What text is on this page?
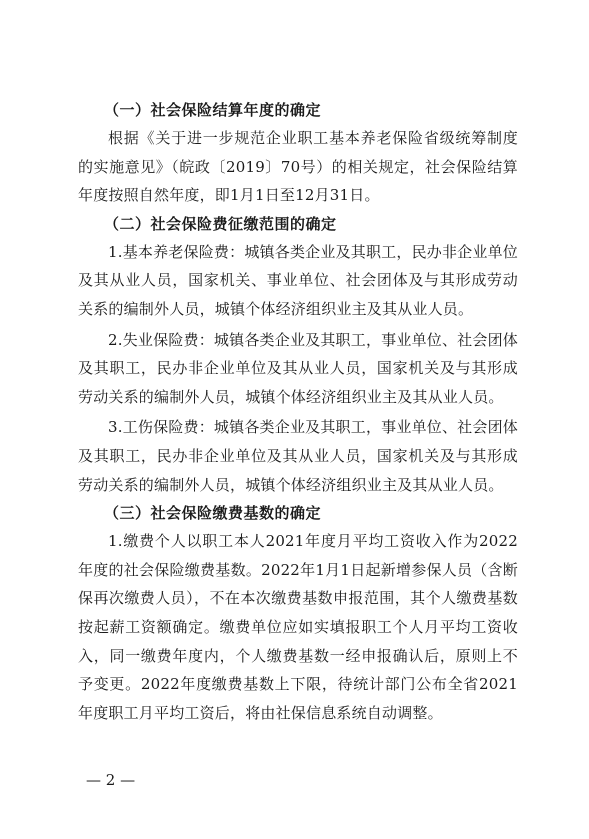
（一）社会保险结算年度的确定

根据《关于进一步规范企业职工基本养老保险省级统筹制度的实施意见》（皖政〔2019〕70号）的相关规定，社会保险结算年度按照自然年度，即1月1日至12月31日。

（二）社会保险费征缴范围的确定

1.基本养老保险费：城镇各类企业及其职工，民办非企业单位及其从业人员，国家机关、事业单位、社会团体及与其形成劳动关系的编制外人员，城镇个体经济组织业主及其从业人员。

2.失业保险费：城镇各类企业及其职工，事业单位、社会团体及其职工，民办非企业单位及其从业人员，国家机关及与其形成劳动关系的编制外人员，城镇个体经济组织业主及其从业人员。

3.工伤保险费：城镇各类企业及其职工，事业单位、社会团体及其职工，民办非企业单位及其从业人员，国家机关及与其形成劳动关系的编制外人员，城镇个体经济组织业主及其从业人员。

（三）社会保险缴费基数的确定

1.缴费个人以职工本人2021年度月平均工资收入作为2022年度的社会保险缴费基数。2022年1月1日起新增参保人员（含断保再次缴费人员），不在本次缴费基数申报范围，其个人缴费基数按起薪工资额确定。缴费单位应如实填报职工个人月平均工资收入，同一缴费年度内，个人缴费基数一经申报确认后，原则上不予变更。2022年度缴费基数上下限，待统计部门公布全省2021年度职工月平均工资后，将由社保信息系统自动调整。

— 2 —
